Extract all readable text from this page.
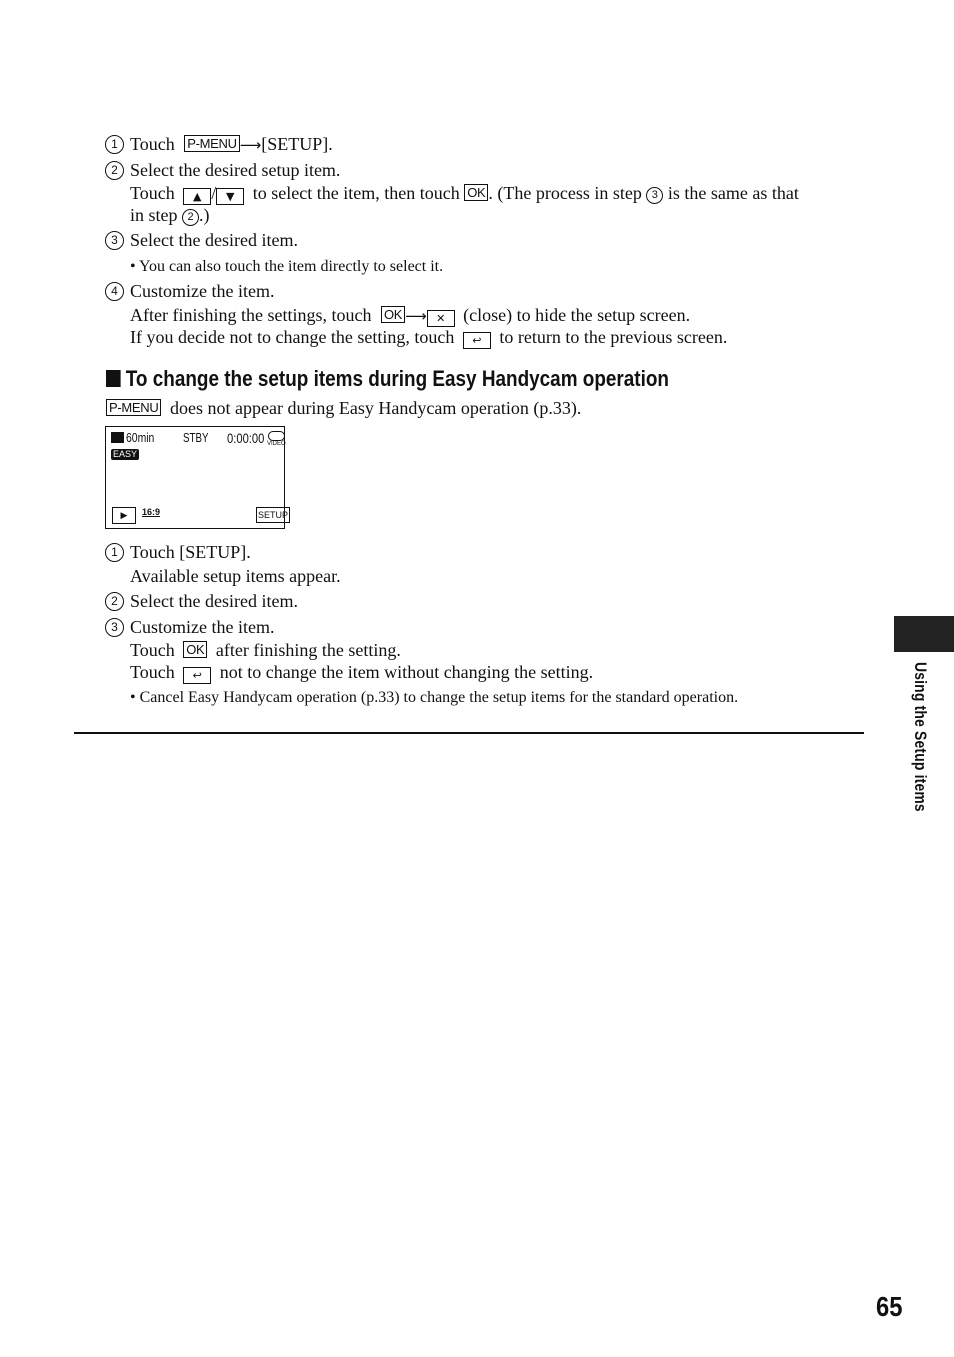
1 Touch P-MENU ⟶[SETUP].
2 Select the desired setup item.
Touch ▲ / ▼ to select the item, then touch OK . (The process in step 3 is the same as that
in step 2 .)
3 Select the desired item.
• You can also touch the item directly to select it.
4 Customize the item.
After finishing the settings, touch OK ⟶ ✕ (close) to hide the setup screen.
If you decide not to change the setting, touch ↩ to return to the previous screen.
To change the setup items during Easy Handycam operation
P-MENU does not appear during Easy Handycam operation (p.33).
60min STBY 0:00:00 VIDEO
EASY
▶	16:9	SETUP
1 Touch [SETUP].
Available setup items appear.
2 Select the desired item.
3 Customize the item.
Touch OK after finishing the setting.
Touch ↩ not to change the item without changing the setting.
• Cancel Easy Handycam operation (p.33) to change the setup items for the standard operation.	Using the Setup items
65
